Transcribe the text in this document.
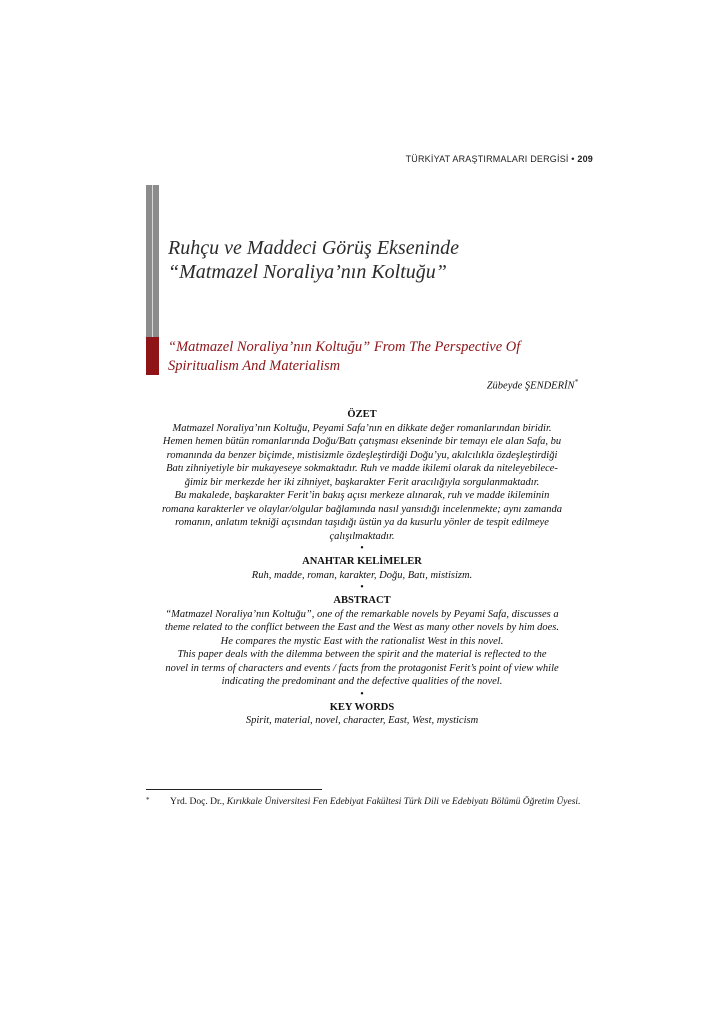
TÜRKİYAT ARAŞTIRMALARI DERGİSİ • 209
Ruhçu ve Maddeci Görüş Ekseninde
“Matmazel Noraliya’nın Koltuğu”
“Matmazel Noraliya’nın Koltuğu” From The Perspective Of
Spiritualism And Materialism
Zübeyde ŞENDERİN*
ÖZET
Matmazel Noraliya’nın Koltuğu, Peyami Safa’nın en dikkate değer romanlarından biridir.
Hemen hemen bütün romanlarında Doğu/Batı çatışması ekseninde bir temayı ele alan Safa, bu
romanında da benzer biçimde, mistisizmle özdeşleştirdiği Doğu’yu, akılcılıkla özdeşleştirdiği
Batı zihniyetiyle bir mukayeseye sokmaktadır. Ruh ve madde ikilemi olarak da niteleyebilece-
ğimiz bir merkezde her iki zihniyet, başkarakter Ferit aracılığıyla sorgulanmaktadır.
Bu makalede, başkarakter Ferit’in bakış açısı merkeze alınarak, ruh ve madde ikileminin
romana karakterler ve olaylar/olgular bağlamında nasıl yansıdığı incelenmekte; aynı zamanda
romanın, anlatım tekniği açısından taşıdığı üstün ya da kusurlu yönler de tespit edilmeye
çalışılmaktadır.
•
ANAHTAR KELİMELER
Ruh, madde, roman, karakter, Doğu, Batı, mistisizm.
•
ABSTRACT
“Matmazel Noraliya’nın Koltuğu”, one of the remarkable novels by Peyami Safa, discusses a
theme related to the conflict between the East and the West as many other novels by him does.
He compares the mystic East with the rationalist West in this novel.
This paper deals with the dilemma between the spirit and the material is reflected to the
novel in terms of characters and events / facts from the protagonist Ferit’s point of view while
indicating the predominant and the defective qualities of the novel.
•
KEY WORDS
Spirit, material, novel, character, East, West, mysticism
* Yrd. Doç. Dr., Kırıkkale Üniversitesi Fen Edebiyat Fakültesi Türk Dili ve Edebiyatı Bölümü Öğretim Üyesi.
